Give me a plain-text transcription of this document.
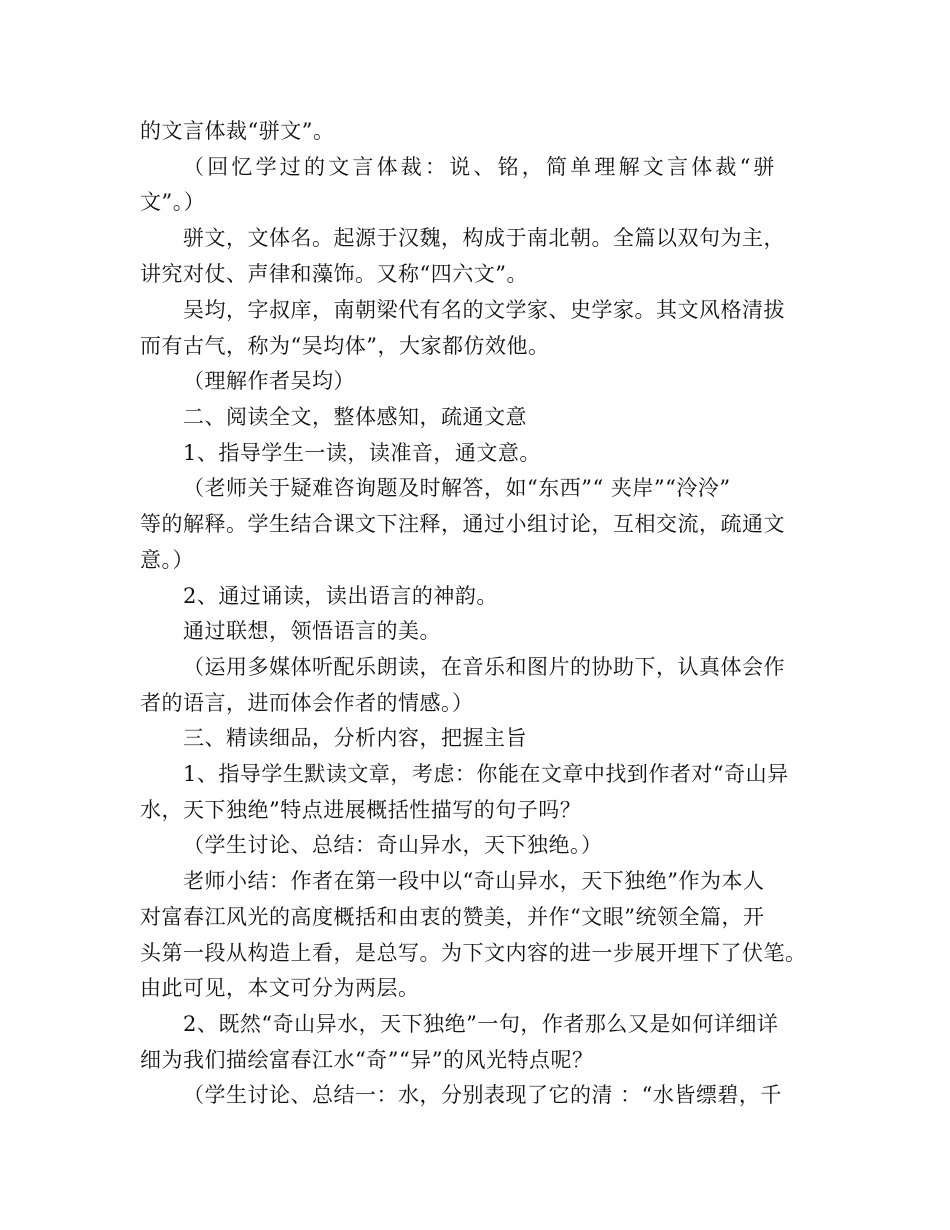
的文言体裁“骈文”。
（回忆学过的文言体裁：说、铭，简单理解文言体裁“骈
文”。）
骈文，文体名。起源于汉魏，构成于南北朝。全篇以双句为主，
讲究对仗、声律和藻饰。又称“四六文”。
吴均，字叔庠，南朝梁代有名的文学家、史学家。其文风格清拔
而有古气，称为“吴均体”，大家都仿效他。
（理解作者吴均）
二、阅读全文，整体感知，疏通文意
1、指导学生一读，读准音，通文意。
（老师关于疑难咨询题及时解答，如“东西”“ 夹岸”“泠泠”
等的解释。学生结合课文下注释，通过小组讨论，互相交流，疏通文
意。）
2、通过诵读，读出语言的神韵。
通过联想，领悟语言的美。
（运用多媒体听配乐朗读，在音乐和图片的协助下，认真体会作
者的语言，进而体会作者的情感。）
三、精读细品，分析内容，把握主旨
1、指导学生默读文章，考虑：你能在文章中找到作者对“奇山异
水，天下独绝”特点进展概括性描写的句子吗？
（学生讨论、总结：奇山异水，天下独绝。）
老师小结：作者在第一段中以“奇山异水，天下独绝”作为本人
对富春江风光的高度概括和由衷的赞美，并作“文眼”统领全篇，开
头第一段从构造上看，是总写。为下文内容的进一步展开埋下了伏笔。
由此可见，本文可分为两层。
2、既然“奇山异水，天下独绝”一句，作者那么又是如何详细详
细为我们描绘富春江水“奇”“异”的风光特点呢？
（学生讨论、总结一：水，分别表现了它的清 ：“水皆缥碧，千
